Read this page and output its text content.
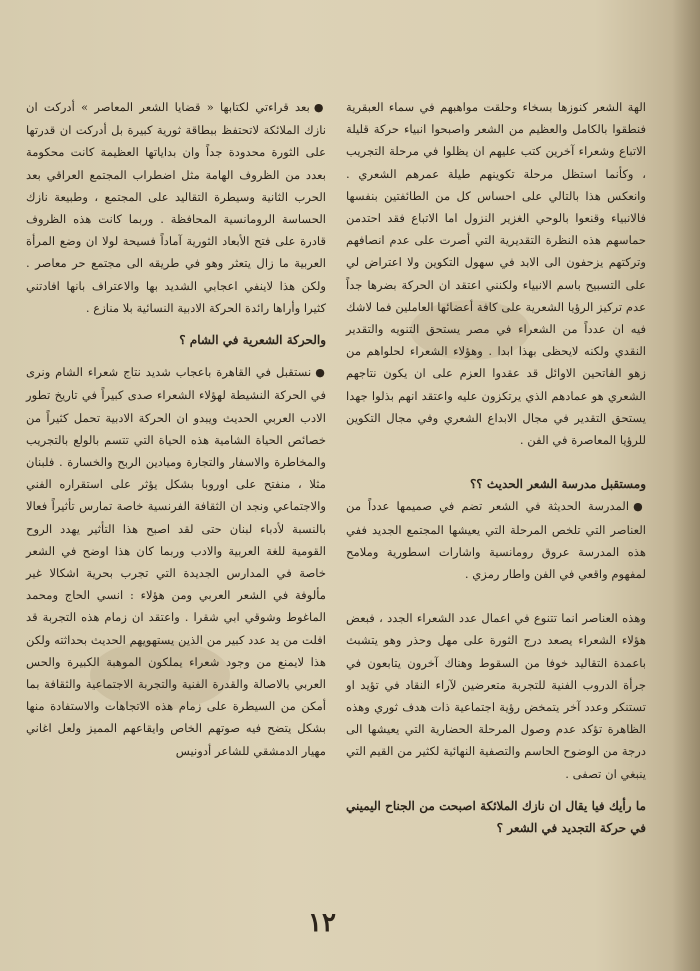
الهة الشعر كنوزها بسخاء وحلقت مواهبهم في سماء العبقرية فنطقوا بالكامل والعظيم من الشعر واصبحوا انبياء حركة قليلة الاتباع وشعراء آخرين كتب عليهم ان يظلوا في مرحلة التجريب ، وكأنما استظل مرحلة تكوينهم طيلة عمرهم الشعري . وانعكس هذا بالتالي على احساس كل من الطائفتين بنفسها فالانبياء وقنعوا بالوحي الغزير النزول اما الاتباع فقد احتدمن حماسهم هذه النظرة التقديرية التي أصرت على عدم انصافهم وتركتهم يزحفون الى الابد في سهول التكوين ولا اعتراض لي على التسبيح باسم الانبياء ولكنني اعتقد ان الحركة بضرها جداً عدم تركيز الرؤيا الشعرية على كافة أعضائها العاملين فما لاشك فيه ان عدداً من الشعراء في مصر يستحق التنويه والتقدير النقدي ولكنه لايحظى بهذا ابدا . وهؤلاء الشعراء لحلواهم من زهو الفاتحين الاوائل قد عقدوا العزم على ان يكون نتاجهم الشعري هو عمادهم الذي يرتكزون عليه واعتقد انهم بذلوا جهدا يستحق التقدير في مجال الابداع الشعري وفي مجال التكوين للرؤيا المعاصرة في الفن .

ومستقبل مدرسة الشعر الحديث ؟؟

● المدرسة الحديثة في الشعر تضم في صميمها عدداً من العناصر التي تلخص المرحلة التي يعيشها المجتمع الجديد ففي هذه المدرسة عروق رومانسية واشارات اسطورية وملامح لمفهوم واقعي في الفن واطار رمزي .

وهذه العناصر انما تتنوع في اعمال عدد الشعراء الجدد ، فبعض هؤلاء الشعراء يصعد درج الثورة على مهل وحذر وهو يتشبث باعمدة التقاليد خوفا من السقوط وهناك آخرون يتابعون في جرأة الدروب الفنية للتجربة متعرضين لآراء النقاد في تؤيد او تستنكر وعدد آخر يتمخض رؤية اجتماعية ذات هدف ثوري وهذه الظاهرة تؤكد عدم وصول المرحلة الحضارية التي يعيشها الى درجة من الوضوح الحاسم والتصفية النهائية لكثير من القيم التي ينبغي ان تصفى .

ما رأيك فيا يقال ان نازك الملائكة اصبحت من الجناح اليميني في حركة التجديد في الشعر ؟

● بعد قراءتي لكتابها « قضايا الشعر المعاصر » أدركت ان نازك الملائكة لاتحتفظ ببطاقة ثورية كبيرة بل أدركت ان قدرتها على الثورة محدودة جداً وان بداياتها العظيمة كانت محكومة بعدد من الظروف الهامة مثل اضطراب المجتمع العراقي بعد الحرب الثانية وسيطرة التقاليد على المجتمع ، وطبيعة نازك الحساسة الرومانسية المحافظة . وربما كانت هذه الظروف قادرة على فتح الأبعاد الثورية آماداً فسيحة لولا ان وضع المرأة العربية ما زال يتعثر وهو في طريقه الى مجتمع حر معاصر . ولكن هذا لاينفي اعجابي الشديد بها والاعتراف بانها افادتني كثيرا وأراها رائدة الحركة الادبية النسائية بلا منازع .

والحركة الشعرية في الشام ؟

● نستقبل في القاهرة باعجاب شديد نتاج شعراء الشام ونرى في الحركة النشيطة لهؤلاء الشعراء صدى كبيراً في تاريخ تطور الادب العربي الحديث ويبدو ان الحركة الادبية تحمل كثيراً من خصائص الحياة الشامية هذه الحياة التي تتسم بالولع بالتجريب والمخاطرة والاسفار والتجارة وميادين الربح والخسارة . فلبنان مثلا ، منفتح على اوروبا بشكل يؤثر على استقراره الفني والاجتماعي ونجد ان الثقافة الفرنسية خاصة تمارس تأثيراً فعالا بالنسبة لأدباء لبنان حتى لقد اصبح هذا التأثير يهدد الروح القومية للغة العربية والادب وربما كان هذا اوضح في الشعر خاصة في المدارس الجديدة التي تجرب بحرية اشكالا غير مألوفة في الشعر العربي ومن هؤلاء : انسي الحاج ومحمد الماغوط وشوقي ابي شقرا . واعتقد ان زمام هذه التجربة قد افلت من يد عدد كبير من الذين يستهويهم الحديث بحداثته ولكن هذا لايمنع من وجود شعراء يملكون الموهبة الكبيرة والحس العربي بالاصالة والقدرة الفنية والتجربة الاجتماعية والثقافة بما أمكن من السيطرة على زمام هذه الاتجاهات والاستفادة منها بشكل يتضح فيه صوتهم الخاص وايقاعهم المميز ولعل اغاني مهيار الدمشقي للشاعر أدونيس

١٢
